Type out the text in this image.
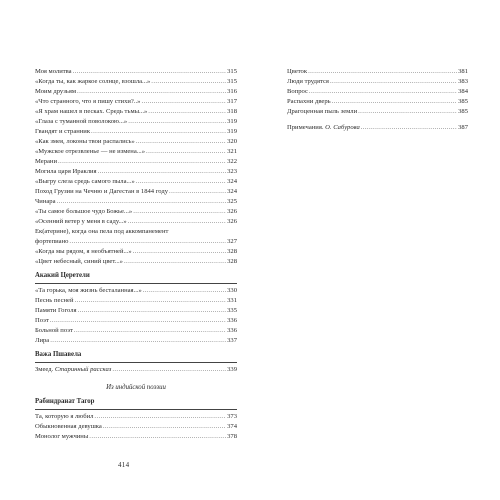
Моя молитва .....	315
«Когда ты, как жаркое солнце, взошла...» .....	315
Моим друзьям .....	316
«Что странного, что я пишу стихи?..» .....	317
«Я храм нашел в песках. Средь тьмы...» .....	318
«Глаза с туманной поволокою...» .....	319
Гвандят и странник .....	319
«Как змея, локоны твои распались» .....	320
«Мужское отрезвленье — не измена...» .....	321
Мерани .....	322
Могила царя Ираклия .....	323
«Выгру слеза средь самого пыла...» .....	324
Поход Грузии на Чечню и Дагестан в 1844 году .....	324
Чинара .....	325
«Ты самое большое чудо Божье...» .....	326
«Осенний ветер у меня в саду...» .....	326
Ек(атерине), когда она пела под аккомпанемент
фортепиано .....	327
«Когда мы рядом, я необъятней...» .....	328
«Цвет небесный, синий цвет...» .....	328
Акакий Церетели
«Та горька, моя жизнь бесталанная...» .....	330
Песнь песней .....	331
Памяти Гоголя .....	335
Поэт .....	336
Больной поэт .....	336
Лира .....	337
Важа Пшавела
Змеед. Старинный рассказ .....	339
Из индийской поэзии
Рабиндранат Тагор
Та, которую я любил .....	373
Обыкновенная девушка .....	374
Монолог мужчины .....	378
Цветок .....	381
Люди трудятся .....	383
Вопрос .....	384
Распахни дверь .....	385
Драгоценная пыль земли .....	385
Примечания. О. Сабурова .....	387
414
